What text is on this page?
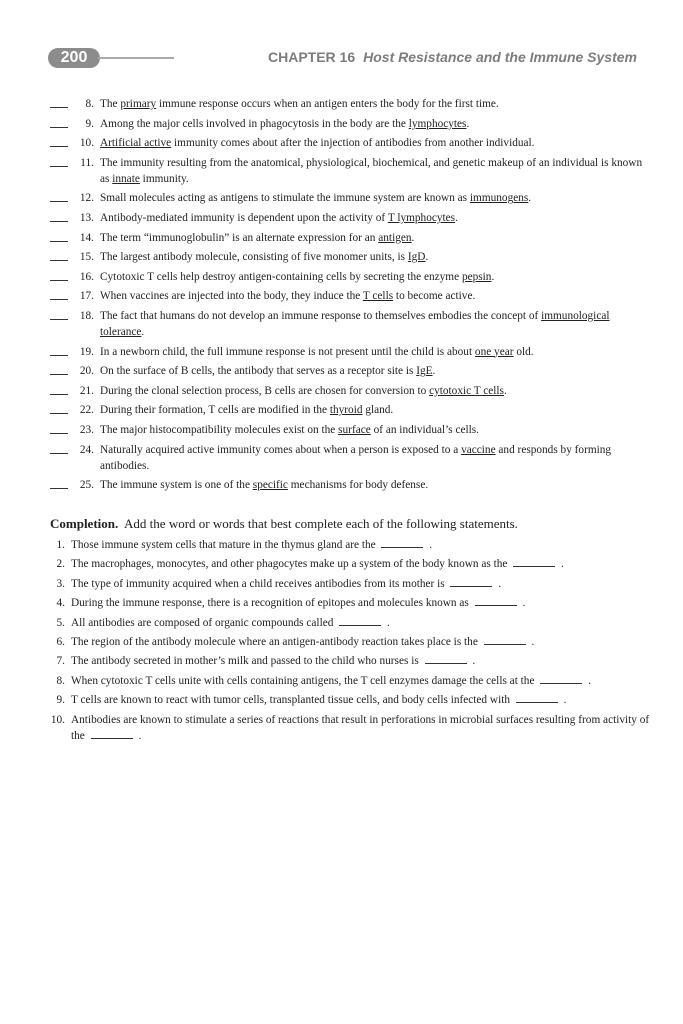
200	CHAPTER 16 Host Resistance and the Immune System
8. The primary immune response occurs when an antigen enters the body for the first time.
9. Among the major cells involved in phagocytosis in the body are the lymphocytes.
10. Artificial active immunity comes about after the injection of antibodies from another individual.
11. The immunity resulting from the anatomical, physiological, biochemical, and genetic makeup of an individual is known as innate immunity.
12. Small molecules acting as antigens to stimulate the immune system are known as immunogens.
13. Antibody-mediated immunity is dependent upon the activity of T lymphocytes.
14. The term “immunoglobulin” is an alternate expression for an antigen.
15. The largest antibody molecule, consisting of five monomer units, is IgD.
16. Cytotoxic T cells help destroy antigen-containing cells by secreting the enzyme pepsin.
17. When vaccines are injected into the body, they induce the T cells to become active.
18. The fact that humans do not develop an immune response to themselves embodies the concept of immunological tolerance.
19. In a newborn child, the full immune response is not present until the child is about one year old.
20. On the surface of B cells, the antibody that serves as a receptor site is IgE.
21. During the clonal selection process, B cells are chosen for conversion to cytotoxic T cells.
22. During their formation, T cells are modified in the thyroid gland.
23. The major histocompatibility molecules exist on the surface of an individual’s cells.
24. Naturally acquired active immunity comes about when a person is exposed to a vaccine and responds by forming antibodies.
25. The immune system is one of the specific mechanisms for body defense.
Completion. Add the word or words that best complete each of the following statements.
1. Those immune system cells that mature in the thymus gland are the	.
2. The macrophages, monocytes, and other phagocytes make up a system of the body known as the	.
3. The type of immunity acquired when a child receives antibodies from its mother is	.
4. During the immune response, there is a recognition of epitopes and molecules known as	.
5. All antibodies are composed of organic compounds called	.
6. The region of the antibody molecule where an antigen-antibody reaction takes place is the	.
7. The antibody secreted in mother’s milk and passed to the child who nurses is	.
8. When cytotoxic T cells unite with cells containing antigens, the T cell enzymes damage the cells at the	.
9. T cells are known to react with tumor cells, transplanted tissue cells, and body cells infected with	.
10. Antibodies are known to stimulate a series of reactions that result in perforations in microbial surfaces resulting from activity of the	.
